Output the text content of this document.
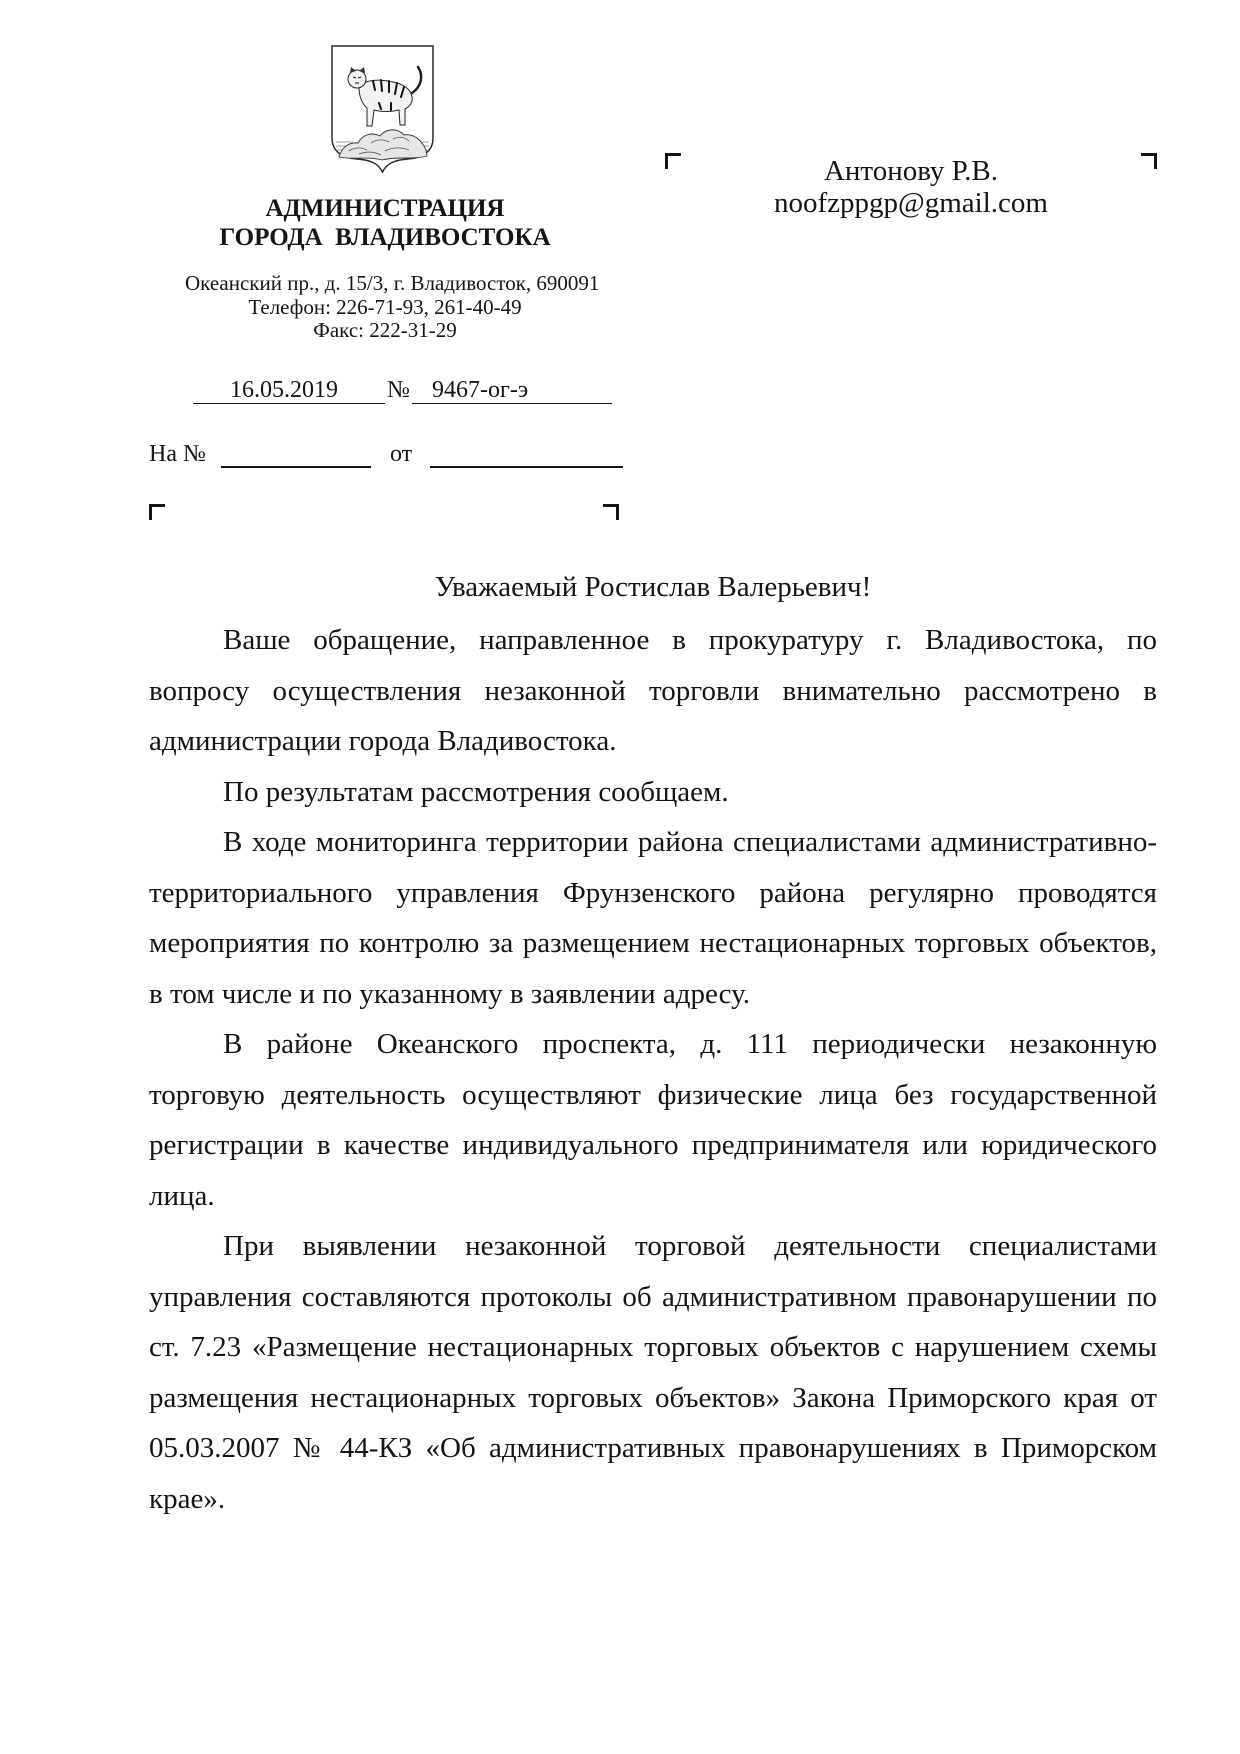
АДМИНИСТРАЦИЯ
ГОРОДА  ВЛАДИВОСТОКА
Океанский пр., д. 15/3, г. Владивосток, 690091
Телефон: 226-71-93, 261-40-49
Факс: 222-31-29
16.05.2019	№ 9467-ог-э
На №	от
Антонову Р.В.
noofzppgp@gmail.com
Уважаемый Ростислав Валерьевич!
Ваше обращение, направленное в прокуратуру г. Владивостока, по
вопросу осуществления незаконной торговли внимательно рассмотрено в
администрации города Владивостока.
По результатам рассмотрения сообщаем.
В ходе мониторинга территории района специалистами административно-
территориального управления Фрунзенского района регулярно проводятся
мероприятия по контролю за размещением нестационарных торговых объектов,
в том числе и по указанному в заявлении адресу.
В районе Океанского проспекта, д. 111 периодически незаконную
торговую деятельность осуществляют физические лица без государственной
регистрации в качестве индивидуального предпринимателя или юридического
лица.
При выявлении незаконной торговой деятельности специалистами
управления составляются протоколы об административном правонарушении по
ст. 7.23 «Размещение нестационарных торговых объектов с нарушением схемы
размещения нестационарных торговых объектов» Закона Приморского края от
05.03.2007 № 44-КЗ «Об административных правонарушениях в Приморском
крае».
